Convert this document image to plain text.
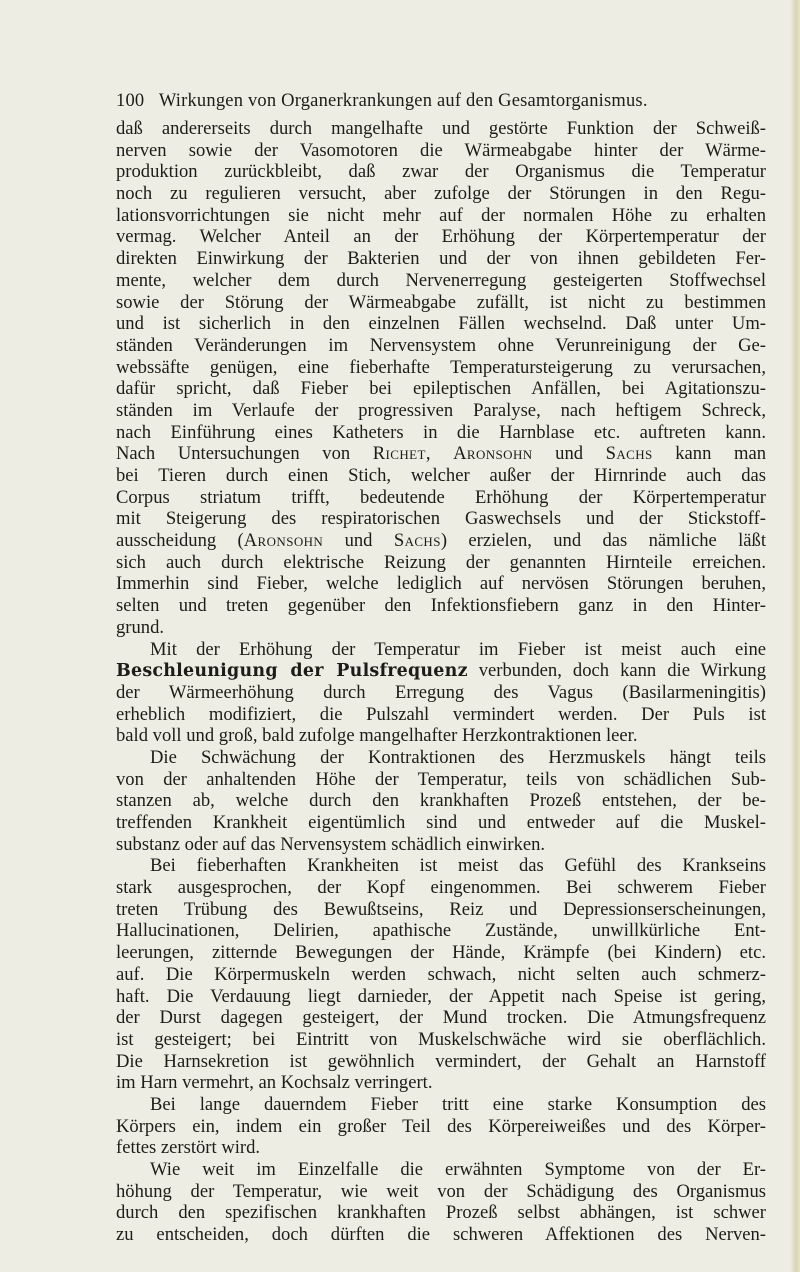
100 Wirkungen von Organerkrankungen auf den Gesamtorganismus.
daß andererseits durch mangelhafte und gestörte Funktion der Schweiß-
nerven sowie der Vasomotoren die Wärmeabgabe hinter der Wärme-
produktion zurückbleibt, daß zwar der Organismus die Temperatur
noch zu regulieren versucht, aber zufolge der Störungen in den Regu-
lationsvorrichtungen sie nicht mehr auf der normalen Höhe zu erhalten
vermag. Welcher Anteil an der Erhöhung der Körpertemperatur der
direkten Einwirkung der Bakterien und der von ihnen gebildeten Fer-
mente, welcher dem durch Nervenerregung gesteigerten Stoffwechsel
sowie der Störung der Wärmeabgabe zufällt, ist nicht zu bestimmen
und ist sicherlich in den einzelnen Fällen wechselnd. Daß unter Um-
ständen Veränderungen im Nervensystem ohne Verunreinigung der Ge-
webssäfte genügen, eine fieberhafte Temperatursteigerung zu verursachen,
dafür spricht, daß Fieber bei epileptischen Anfällen, bei Agitationszu-
ständen im Verlaufe der progressiven Paralyse, nach heftigem Schreck,
nach Einführung eines Katheters in die Harnblase etc. auftreten kann.
Nach Untersuchungen von Richet, Aronsohn und Sachs kann man
bei Tieren durch einen Stich, welcher außer der Hirnrinde auch das
Corpus striatum trifft, bedeutende Erhöhung der Körpertemperatur
mit Steigerung des respiratorischen Gaswechsels und der Stickstoff-
ausscheidung (Aronsohn und Sachs) erzielen, und das nämliche läßt
sich auch durch elektrische Reizung der genannten Hirnteile erreichen.
Immerhin sind Fieber, welche lediglich auf nervösen Störungen beruhen,
selten und treten gegenüber den Infektionsfiebern ganz in den Hinter-
grund.
Mit der Erhöhung der Temperatur im Fieber ist meist auch eine
Beschleunigung der Pulsfrequenz verbunden, doch kann die Wirkung
der Wärmeerhöhung durch Erregung des Vagus (Basilarmeningitis)
erheblich modifiziert, die Pulszahl vermindert werden. Der Puls ist
bald voll und groß, bald zufolge mangelhafter Herzkontraktionen leer.
Die Schwächung der Kontraktionen des Herzmuskels hängt teils
von der anhaltenden Höhe der Temperatur, teils von schädlichen Sub-
stanzen ab, welche durch den krankhaften Prozeß entstehen, der be-
treffenden Krankheit eigentümlich sind und entweder auf die Muskel-
substanz oder auf das Nervensystem schädlich einwirken.
Bei fieberhaften Krankheiten ist meist das Gefühl des Krankseins
stark ausgesprochen, der Kopf eingenommen. Bei schwerem Fieber
treten Trübung des Bewußtseins, Reiz und Depressionserscheinungen,
Hallucinationen, Delirien, apathische Zustände, unwillkürliche Ent-
leerungen, zitternde Bewegungen der Hände, Krämpfe (bei Kindern) etc.
auf. Die Körpermuskeln werden schwach, nicht selten auch schmerz-
haft. Die Verdauung liegt darnieder, der Appetit nach Speise ist gering,
der Durst dagegen gesteigert, der Mund trocken. Die Atmungsfrequenz
ist gesteigert; bei Eintritt von Muskelschwäche wird sie oberflächlich.
Die Harnsekretion ist gewöhnlich vermindert, der Gehalt an Harnstoff
im Harn vermehrt, an Kochsalz verringert.
Bei lange dauerndem Fieber tritt eine starke Konsumption des
Körpers ein, indem ein großer Teil des Körpereiweißes und des Körper-
fettes zerstört wird.
Wie weit im Einzelfalle die erwähnten Symptome von der Er-
höhung der Temperatur, wie weit von der Schädigung des Organismus
durch den spezifischen krankhaften Prozeß selbst abhängen, ist schwer
zu entscheiden, doch dürften die schweren Affektionen des Nerven-
